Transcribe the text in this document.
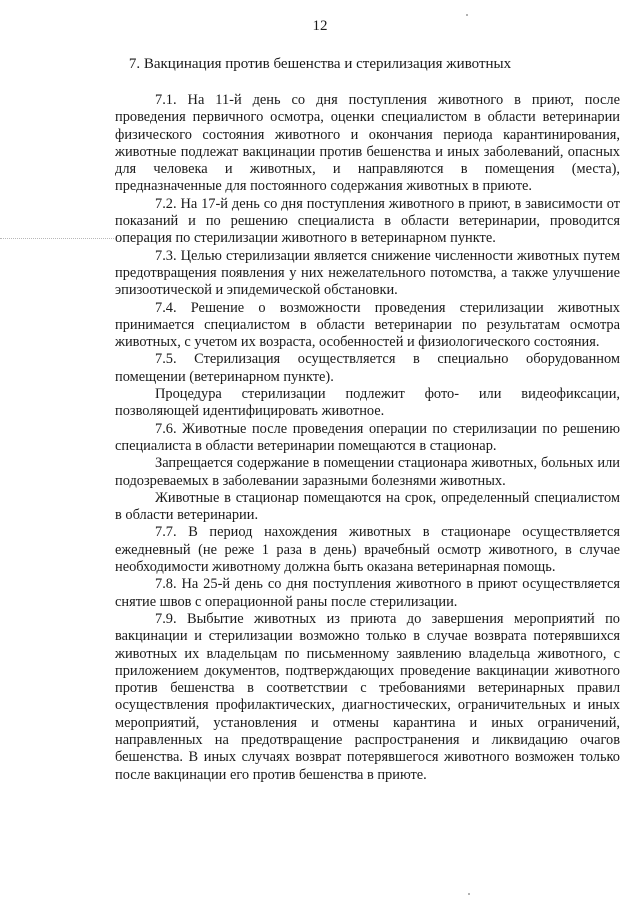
12
7. Вакцинация против бешенства и стерилизация животных

7.1. На 11-й день со дня поступления животного в приют, после проведения первичного осмотра, оценки специалистом в области ветеринарии физического состояния животного и окончания периода карантинирования, животные подлежат вакцинации против бешенства и иных заболеваний, опасных для человека и животных, и направляются в помещения (места), предназначенные для постоянного содержания животных в приюте.

7.2. На 17-й день со дня поступления животного в приют, в зависимости от показаний и по решению специалиста в области ветеринарии, проводится операция по стерилизации животного в ветеринарном пункте.

7.3. Целью стерилизации является снижение численности животных путем предотвращения появления у них нежелательного потомства, а также улучшение эпизоотической и эпидемической обстановки.

7.4. Решение о возможности проведения стерилизации животных принимается специалистом в области ветеринарии по результатам осмотра животных, с учетом их возраста, особенностей и физиологического состояния.

7.5. Стерилизация осуществляется в специально оборудованном помещении (ветеринарном пункте).

Процедура стерилизации подлежит фото- или видеофиксации, позволяющей идентифицировать животное.

7.6. Животные после проведения операции по стерилизации по решению специалиста в области ветеринарии помещаются в стационар.

Запрещается содержание в помещении стационара животных, больных или подозреваемых в заболевании заразными болезнями животных.

Животные в стационар помещаются на срок, определенный специалистом в области ветеринарии.

7.7. В период нахождения животных в стационаре осуществляется ежедневный (не реже 1 раза в день) врачебный осмотр животного, в случае необходимости животному должна быть оказана ветеринарная помощь.

7.8. На 25-й день со дня поступления животного в приют осуществляется снятие швов с операционной раны после стерилизации.

7.9. Выбытие животных из приюта до завершения мероприятий по вакцинации и стерилизации возможно только в случае возврата потерявшихся животных их владельцам по письменному заявлению владельца животного, с приложением документов, подтверждающих проведение вакцинации животного против бешенства в соответствии с требованиями ветеринарных правил осуществления профилактических, диагностических, ограничительных и иных мероприятий, установления и отмены карантина и иных ограничений, направленных на предотвращение распространения и ликвидацию очагов бешенства. В иных случаях возврат потерявшегося животного возможен только после вакцинации его против бешенства в приюте.
